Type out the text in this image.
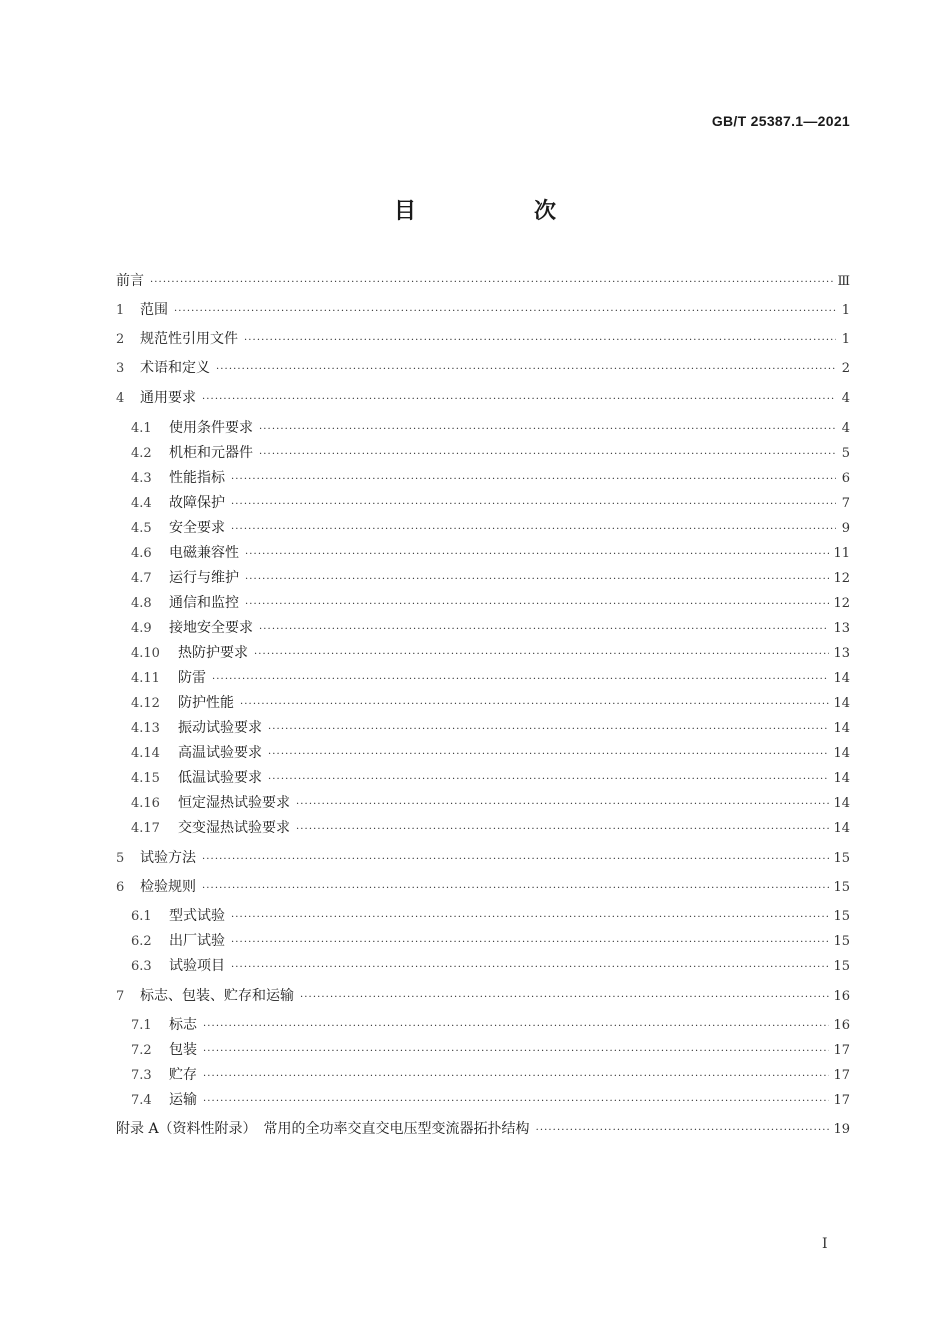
GB/T 25387.1—2021
目　次
前言 ·····	Ⅲ
1	范围 ·····	1
2	规范性引用文件 ·····	1
3	术语和定义 ·····	2
4	通用要求 ·····	4
4.1	使用条件要求 ·····	4
4.2	机柜和元器件 ·····	5
4.3	性能指标 ·····	6
4.4	故障保护 ·····	7
4.5	安全要求 ·····	9
4.6	电磁兼容性 ·····	11
4.7	运行与维护 ·····	12
4.8	通信和监控 ·····	12
4.9	接地安全要求 ·····	13
4.10	热防护要求 ·····	13
4.11	防雷 ·····	14
4.12	防护性能 ·····	14
4.13	振动试验要求 ·····	14
4.14	高温试验要求 ·····	14
4.15	低温试验要求 ·····	14
4.16	恒定湿热试验要求 ·····	14
4.17	交变湿热试验要求 ·····	14
5	试验方法 ·····	15
6	检验规则 ·····	15
6.1	型式试验 ·····	15
6.2	出厂试验 ·····	15
6.3	试验项目 ·····	15
7	标志、包装、贮存和运输 ·····	16
7.1	标志 ·····	16
7.2	包装 ·····	17
7.3	贮存 ·····	17
7.4	运输 ·····	17
附录 A（资料性附录）　常用的全功率交直交电压型变流器拓扑结构 ·····	19
Ⅰ
